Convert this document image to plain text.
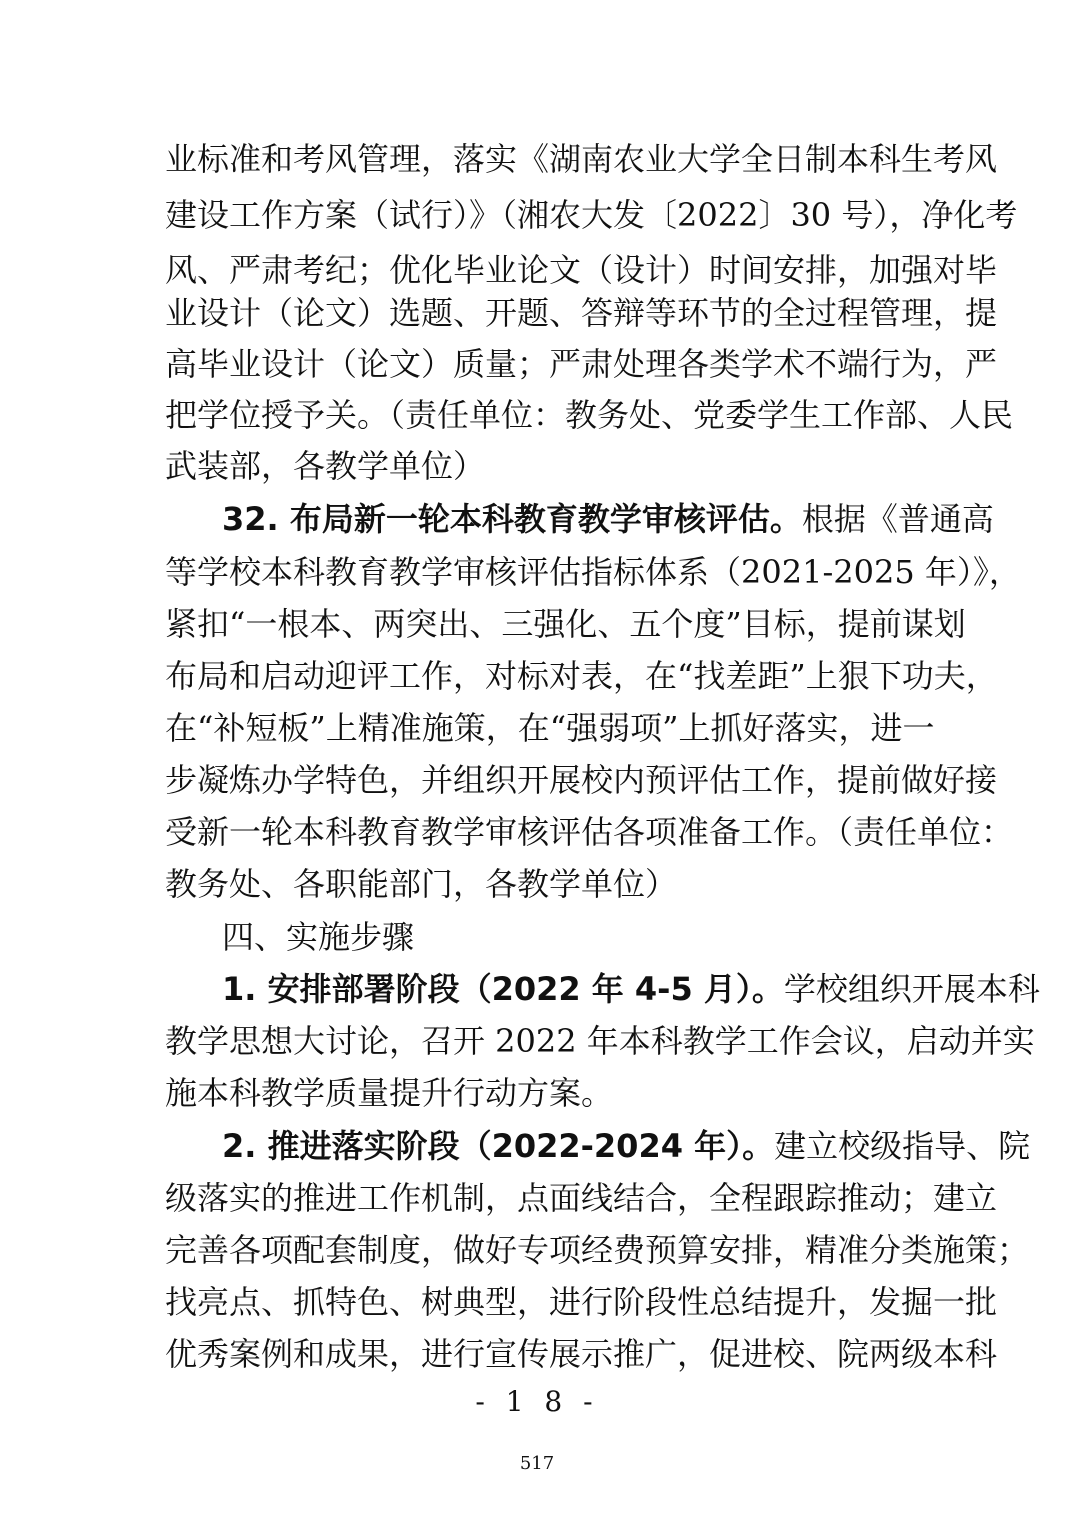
业标准和考风管理，落实《湖南农业大学全日制本科生考风
建设工作方案（试行）》（湘农大发〔2022〕30 号），净化考
风、严肃考纪；优化毕业论文（设计）时间安排，加强对毕
业设计（论文）选题、开题、答辩等环节的全过程管理，提
高毕业设计（论文）质量；严肃处理各类学术不端行为，严
把学位授予关。（责任单位：教务处、党委学生工作部、人民
武装部，各教学单位）
32. 布局新一轮本科教育教学审核评估。根据《普通高
等学校本科教育教学审核评估指标体系（2021-2025 年）》，
紧扣“一根本、两突出、三强化、五个度”目标，提前谋划
布局和启动迎评工作，对标对表，在“找差距”上狠下功夫，
在“补短板”上精准施策，在“强弱项”上抓好落实，进一
步凝炼办学特色，并组织开展校内预评估工作，提前做好接
受新一轮本科教育教学审核评估各项准备工作。（责任单位：
教务处、各职能部门，各教学单位）
四、实施步骤
1. 安排部署阶段（2022 年 4-5 月）。学校组织开展本科
教学思想大讨论，召开 2022 年本科教学工作会议，启动并实
施本科教学质量提升行动方案。
2. 推进落实阶段（2022-2024 年）。建立校级指导、院
级落实的推进工作机制，点面线结合，全程跟踪推动；建立
完善各项配套制度，做好专项经费预算安排，精准分类施策；
找亮点、抓特色、树典型，进行阶段性总结提升，发掘一批
优秀案例和成果，进行宣传展示推广，促进校、院两级本科
- 1 8 -
517
